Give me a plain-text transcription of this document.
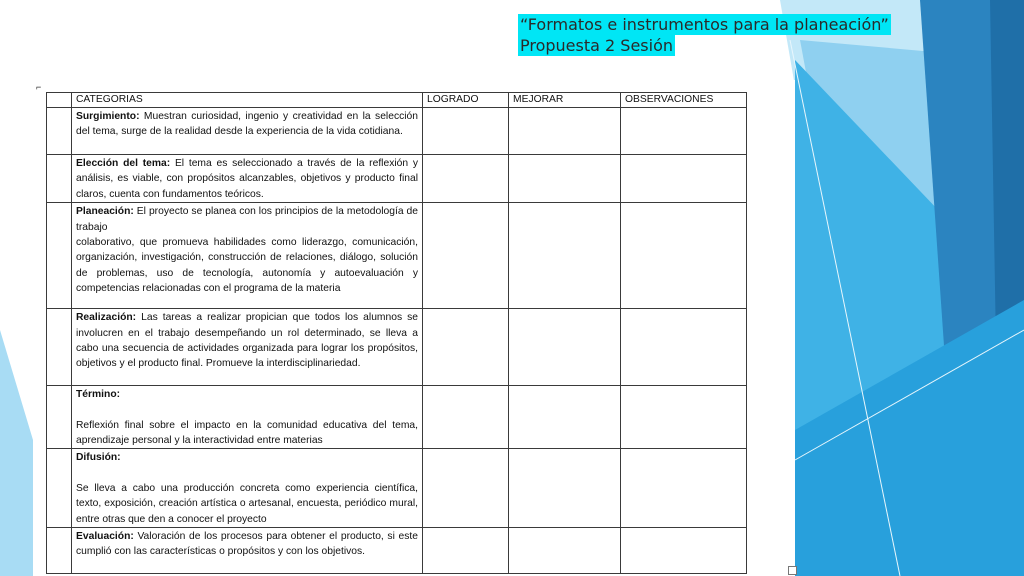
“Formatos e instrumentos para la planeación”
Propuesta 2 Sesión
⌐
	CATEGORIAS	LOGRADO	MEJORAR	OBSERVACIONES
	Surgimiento: Muestran curiosidad, ingenio y creatividad en la selección del tema, surge de la realidad desde la experiencia de la vida cotidiana.			
	Elección del tema: El tema es seleccionado a través de la reflexión y análisis, es viable, con propósitos alcanzables, objetivos y producto final claros, cuenta con fundamentos teóricos.			
	Planeación: El proyecto se planea con los principios de la metodología de trabajo
colaborativo, que promueva habilidades como liderazgo, comunicación, organización, investigación, construcción de relaciones, diálogo, solución de problemas, uso de tecnología, autonomía y autoevaluación y competencias relacionadas con el programa de la materia			
	Realización: Las tareas a realizar propician que todos los alumnos se involucren en el trabajo desempeñando un rol determinado, se lleva a cabo una secuencia de actividades organizada para lograr los propósitos, objetivos y el producto final. Promueve la interdisciplinariedad.			
	Término:
Reflexión final sobre el impacto en la comunidad educativa del tema, aprendizaje personal y la interactividad entre materias			
	Difusión:
Se lleva a cabo una producción concreta como experiencia científica, texto, exposición, creación artística o artesanal, encuesta, periódico mural, entre otras que den a conocer el proyecto			
	Evaluación: Valoración de los procesos para obtener el producto, si este cumplió con las características o propósitos y con los objetivos.			
